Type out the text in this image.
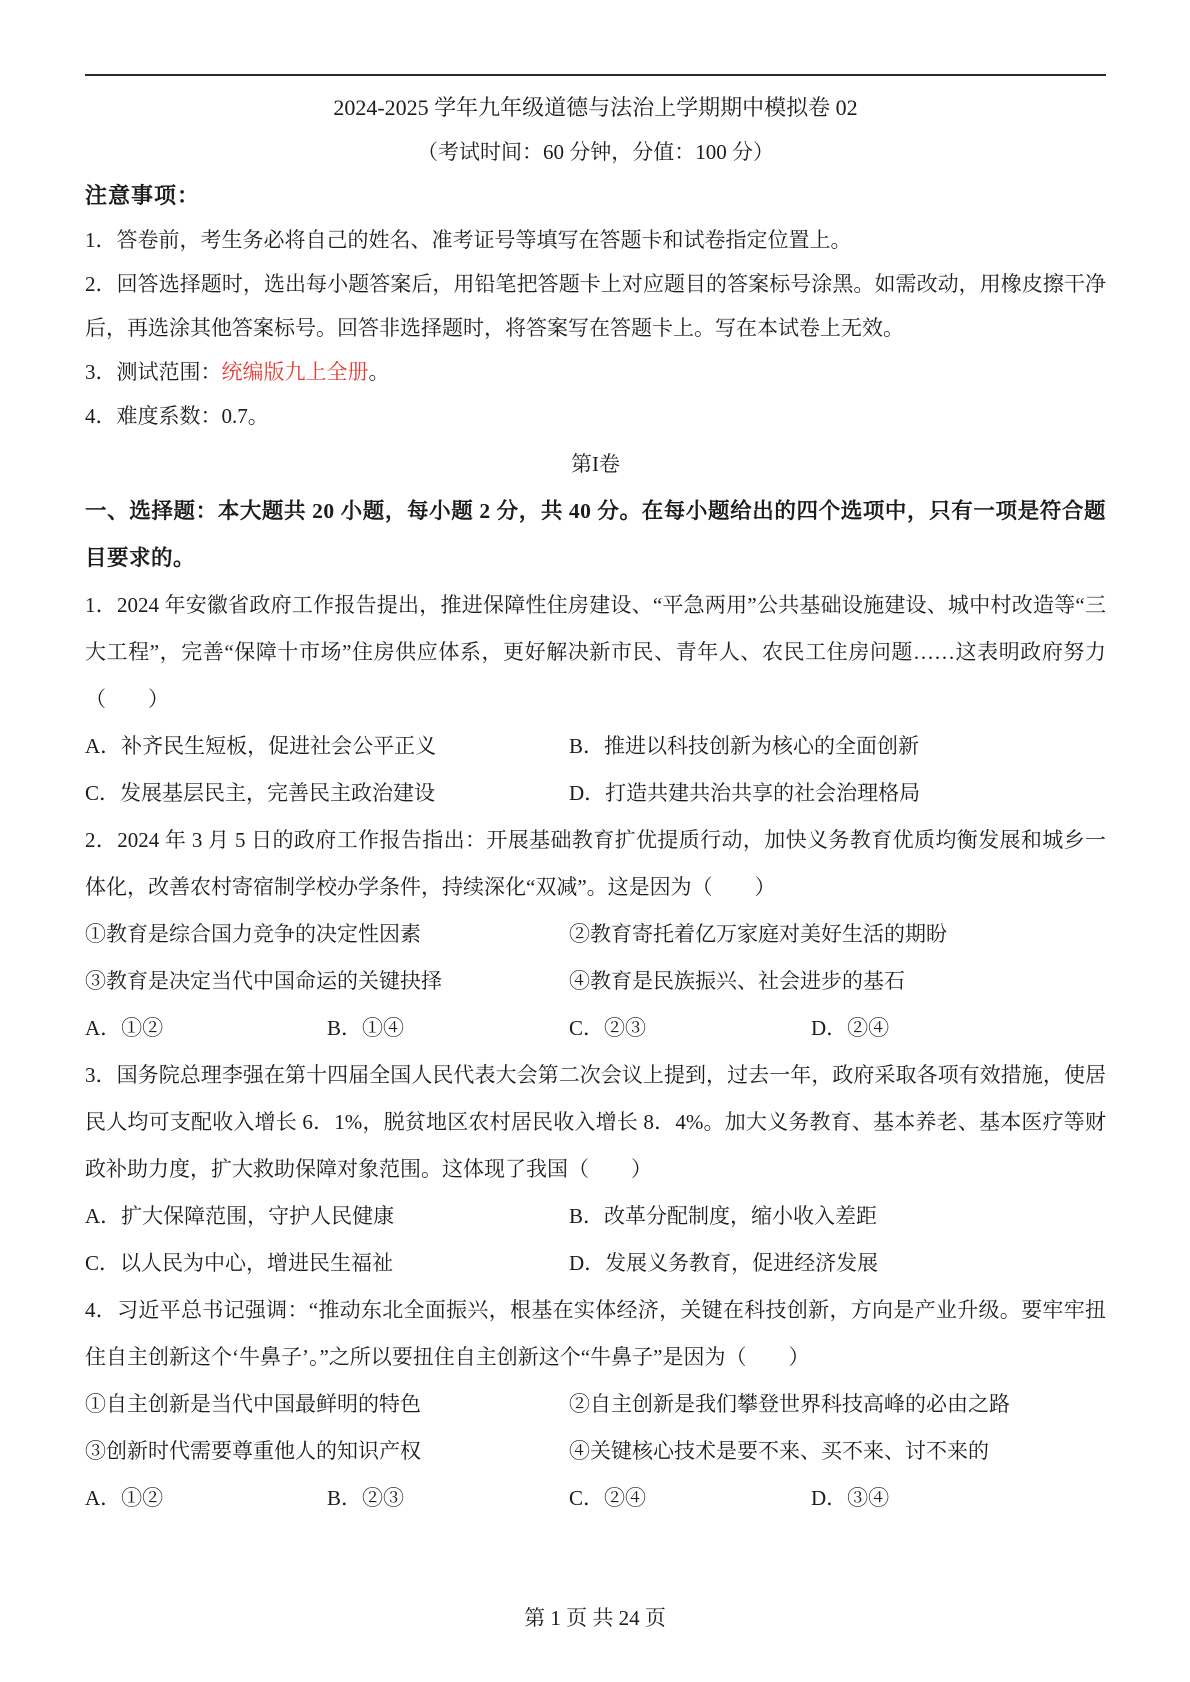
2024-2025 学年九年级道德与法治上学期期中模拟卷 02
（考试时间：60 分钟，分值：100 分）
注意事项：

1．答卷前，考生务必将自己的姓名、准考证号等填写在答题卡和试卷指定位置上。

2．回答选择题时，选出每小题答案后，用铅笔把答题卡上对应题目的答案标号涂黑。如需改动，用橡皮擦干净后，再选涂其他答案标号。回答非选择题时，将答案写在答题卡上。写在本试卷上无效。

3．测试范围：统编版九上全册。

4．难度系数：0.7。

第I卷

一、选择题：本大题共 20 小题，每小题 2 分，共 40 分。在每小题给出的四个选项中，只有一项是符合题目要求的。

1．2024 年安徽省政府工作报告提出，推进保障性住房建设、“平急两用”公共基础设施建设、城中村改造等“三大工程”，完善“保障十市场”住房供应体系，更好解决新市民、青年人、农民工住房问题……这表明政府努力（　　）

A．补齐民生短板，促进社会公平正义	B．推进以科技创新为核心的全面创新
C．发展基层民主，完善民主政治建设	D．打造共建共治共享的社会治理格局

2．2024 年 3 月 5 日的政府工作报告指出：开展基础教育扩优提质行动，加快义务教育优质均衡发展和城乡一体化，改善农村寄宿制学校办学条件，持续深化“双减”。这是因为（　　）

①教育是综合国力竞争的决定性因素	②教育寄托着亿万家庭对美好生活的期盼
③教育是决定当代中国命运的关键抉择	④教育是民族振兴、社会进步的基石
A．①②	B．①④	C．②③	D．②④

3．国务院总理李强在第十四届全国人民代表大会第二次会议上提到，过去一年，政府采取各项有效措施，使居民人均可支配收入增长 6．1%，脱贫地区农村居民收入增长 8．4%。加大义务教育、基本养老、基本医疗等财政补助力度，扩大救助保障对象范围。这体现了我国（　　）

A．扩大保障范围，守护人民健康	B．改革分配制度，缩小收入差距
C．以人民为中心，增进民生福祉	D．发展义务教育，促进经济发展

4．习近平总书记强调：“推动东北全面振兴，根基在实体经济，关键在科技创新，方向是产业升级。要牢牢扭住自主创新这个‘牛鼻子’。”之所以要扭住自主创新这个“牛鼻子”是因为（　　）

①自主创新是当代中国最鲜明的特色	②自主创新是我们攀登世界科技高峰的必由之路
③创新时代需要尊重他人的知识产权	④关键核心技术是要不来、买不来、讨不来的
A．①②	B．②③	C．②④	D．③④
第 1 页 共 24 页
